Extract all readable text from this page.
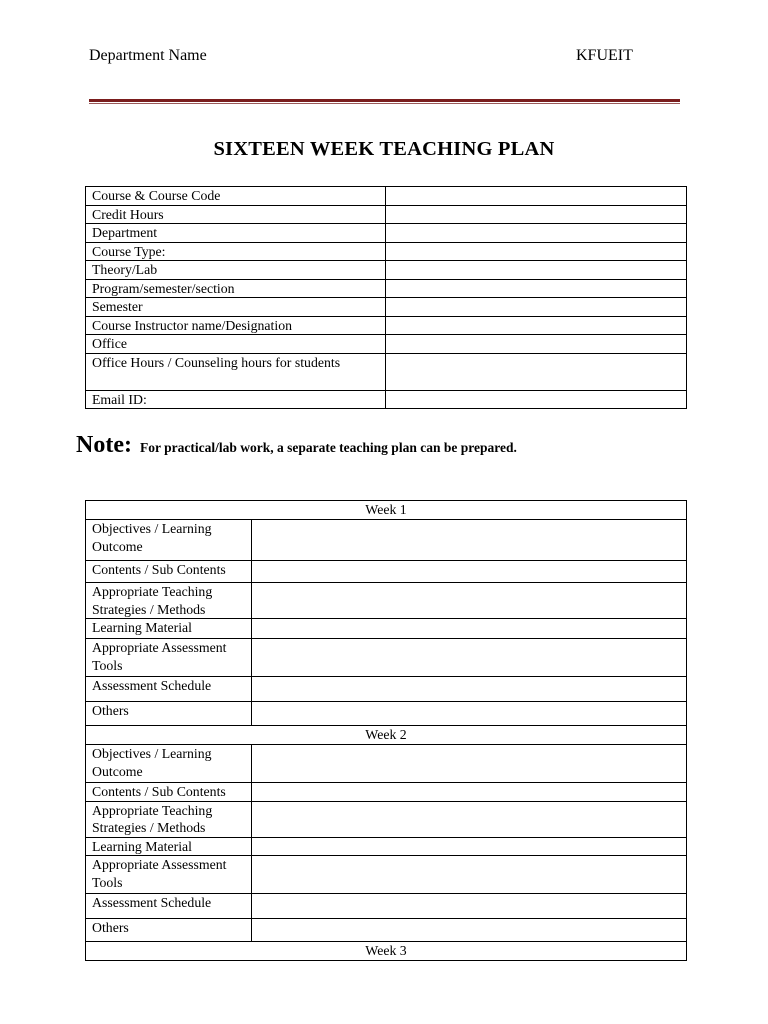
Department Name	KFUEIT
SIXTEEN WEEK TEACHING PLAN
Course & Course Code	
Credit Hours	
Department	
Course Type:	
Theory/Lab	
Program/semester/section	
Semester	
Course Instructor name/Designation	
Office	
Office Hours / Counseling hours for students	
Email ID:	
Note: For practical/lab work, a separate teaching plan can be prepared.
Week 1	
Objectives / Learning Outcome	
Contents / Sub Contents	
Appropriate Teaching Strategies / Methods	
Learning Material	
Appropriate Assessment Tools	
Assessment Schedule	
Others	
Week 2	
Objectives / Learning Outcome	
Contents / Sub Contents	
Appropriate Teaching Strategies / Methods	
Learning Material	
Appropriate Assessment Tools	
Assessment Schedule	
Others	
Week 3	
